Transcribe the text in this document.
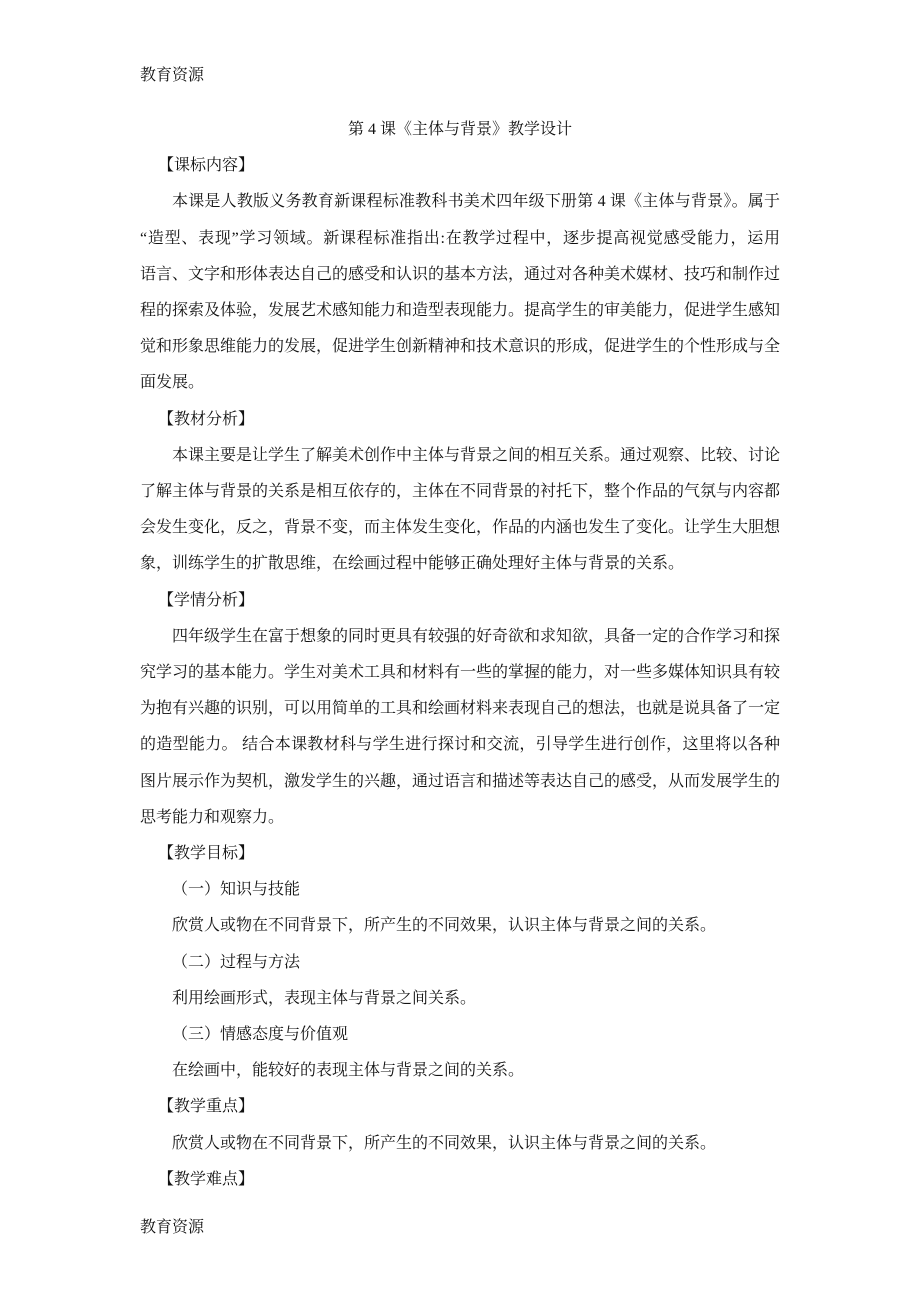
教育资源
第 4 课《主体与背景》教学设计
【课标内容】
本课是人教版义务教育新课程标准教科书美术四年级下册第 4 课《主体与背景》。属于
“造型、表现”学习领域。新课程标准指出:在教学过程中，逐步提高视觉感受能力，运用
语言、文字和形体表达自己的感受和认识的基本方法，通过对各种美术媒材、技巧和制作过
程的探索及体验，发展艺术感知能力和造型表现能力。提高学生的审美能力，促进学生感知
觉和形象思维能力的发展，促进学生创新精神和技术意识的形成，促进学生的个性形成与全
面发展。
【教材分析】
本课主要是让学生了解美术创作中主体与背景之间的相互关系。通过观察、比较、讨论
了解主体与背景的关系是相互依存的，主体在不同背景的衬托下，整个作品的气氛与内容都
会发生变化，反之，背景不变，而主体发生变化，作品的内涵也发生了变化。让学生大胆想
象，训练学生的扩散思维，在绘画过程中能够正确处理好主体与背景的关系。
【学情分析】
四年级学生在富于想象的同时更具有较强的好奇欲和求知欲，具备一定的合作学习和探
究学习的基本能力。学生对美术工具和材料有一些的掌握的能力，对一些多媒体知识具有较
为抱有兴趣的识别，可以用简单的工具和绘画材料来表现自己的想法，也就是说具备了一定
的造型能力。 结合本课教材科与学生进行探讨和交流，引导学生进行创作，这里将以各种
图片展示作为契机，激发学生的兴趣，通过语言和描述等表达自己的感受，从而发展学生的
思考能力和观察力。
【教学目标】
（一）知识与技能
欣赏人或物在不同背景下，所产生的不同效果，认识主体与背景之间的关系。
（二）过程与方法
利用绘画形式，表现主体与背景之间关系。
（三）情感态度与价值观
在绘画中，能较好的表现主体与背景之间的关系。
【教学重点】
欣赏人或物在不同背景下，所产生的不同效果，认识主体与背景之间的关系。
【教学难点】
教育资源
